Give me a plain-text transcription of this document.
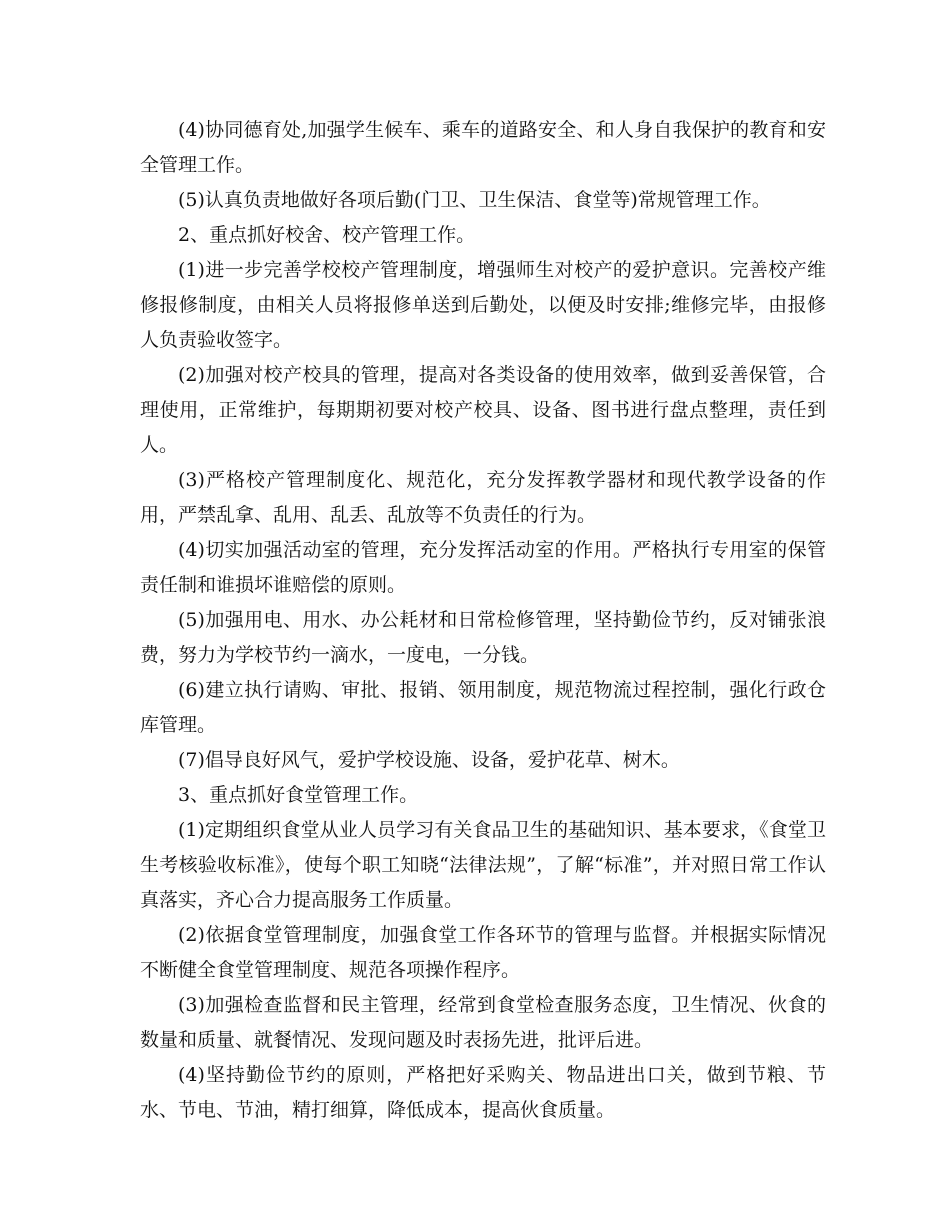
(4)协同德育处,加强学生候车、乘车的道路安全、和人身自我保护的教育和安全管理工作。

(5)认真负责地做好各项后勤(门卫、卫生保洁、食堂等)常规管理工作。

2、重点抓好校舍、校产管理工作。

(1)进一步完善学校校产管理制度，增强师生对校产的爱护意识。完善校产维修报修制度，由相关人员将报修单送到后勤处，以便及时安排;维修完毕，由报修人负责验收签字。

(2)加强对校产校具的管理，提高对各类设备的使用效率，做到妥善保管，合理使用，正常维护，每期期初要对校产校具、设备、图书进行盘点整理，责任到人。

(3)严格校产管理制度化、规范化，充分发挥教学器材和现代教学设备的作用，严禁乱拿、乱用、乱丢、乱放等不负责任的行为。

(4)切实加强活动室的管理，充分发挥活动室的作用。严格执行专用室的保管责任制和谁损坏谁赔偿的原则。

(5)加强用电、用水、办公耗材和日常检修管理，坚持勤俭节约，反对铺张浪费，努力为学校节约一滴水，一度电，一分钱。

(6)建立执行请购、审批、报销、领用制度，规范物流过程控制，强化行政仓库管理。

(7)倡导良好风气，爱护学校设施、设备，爱护花草、树木。

3、重点抓好食堂管理工作。

(1)定期组织食堂从业人员学习有关食品卫生的基础知识、基本要求，《食堂卫生考核验收标准》，使每个职工知晓“法律法规”，了解“标准”，并对照日常工作认真落实，齐心合力提高服务工作质量。

(2)依据食堂管理制度，加强食堂工作各环节的管理与监督。并根据实际情况不断健全食堂管理制度、规范各项操作程序。

(3)加强检查监督和民主管理，经常到食堂检查服务态度，卫生情况、伙食的数量和质量、就餐情况、发现问题及时表扬先进，批评后进。

(4)坚持勤俭节约的原则，严格把好采购关、物品进出口关，做到节粮、节水、节电、节油，精打细算，降低成本，提高伙食质量。
